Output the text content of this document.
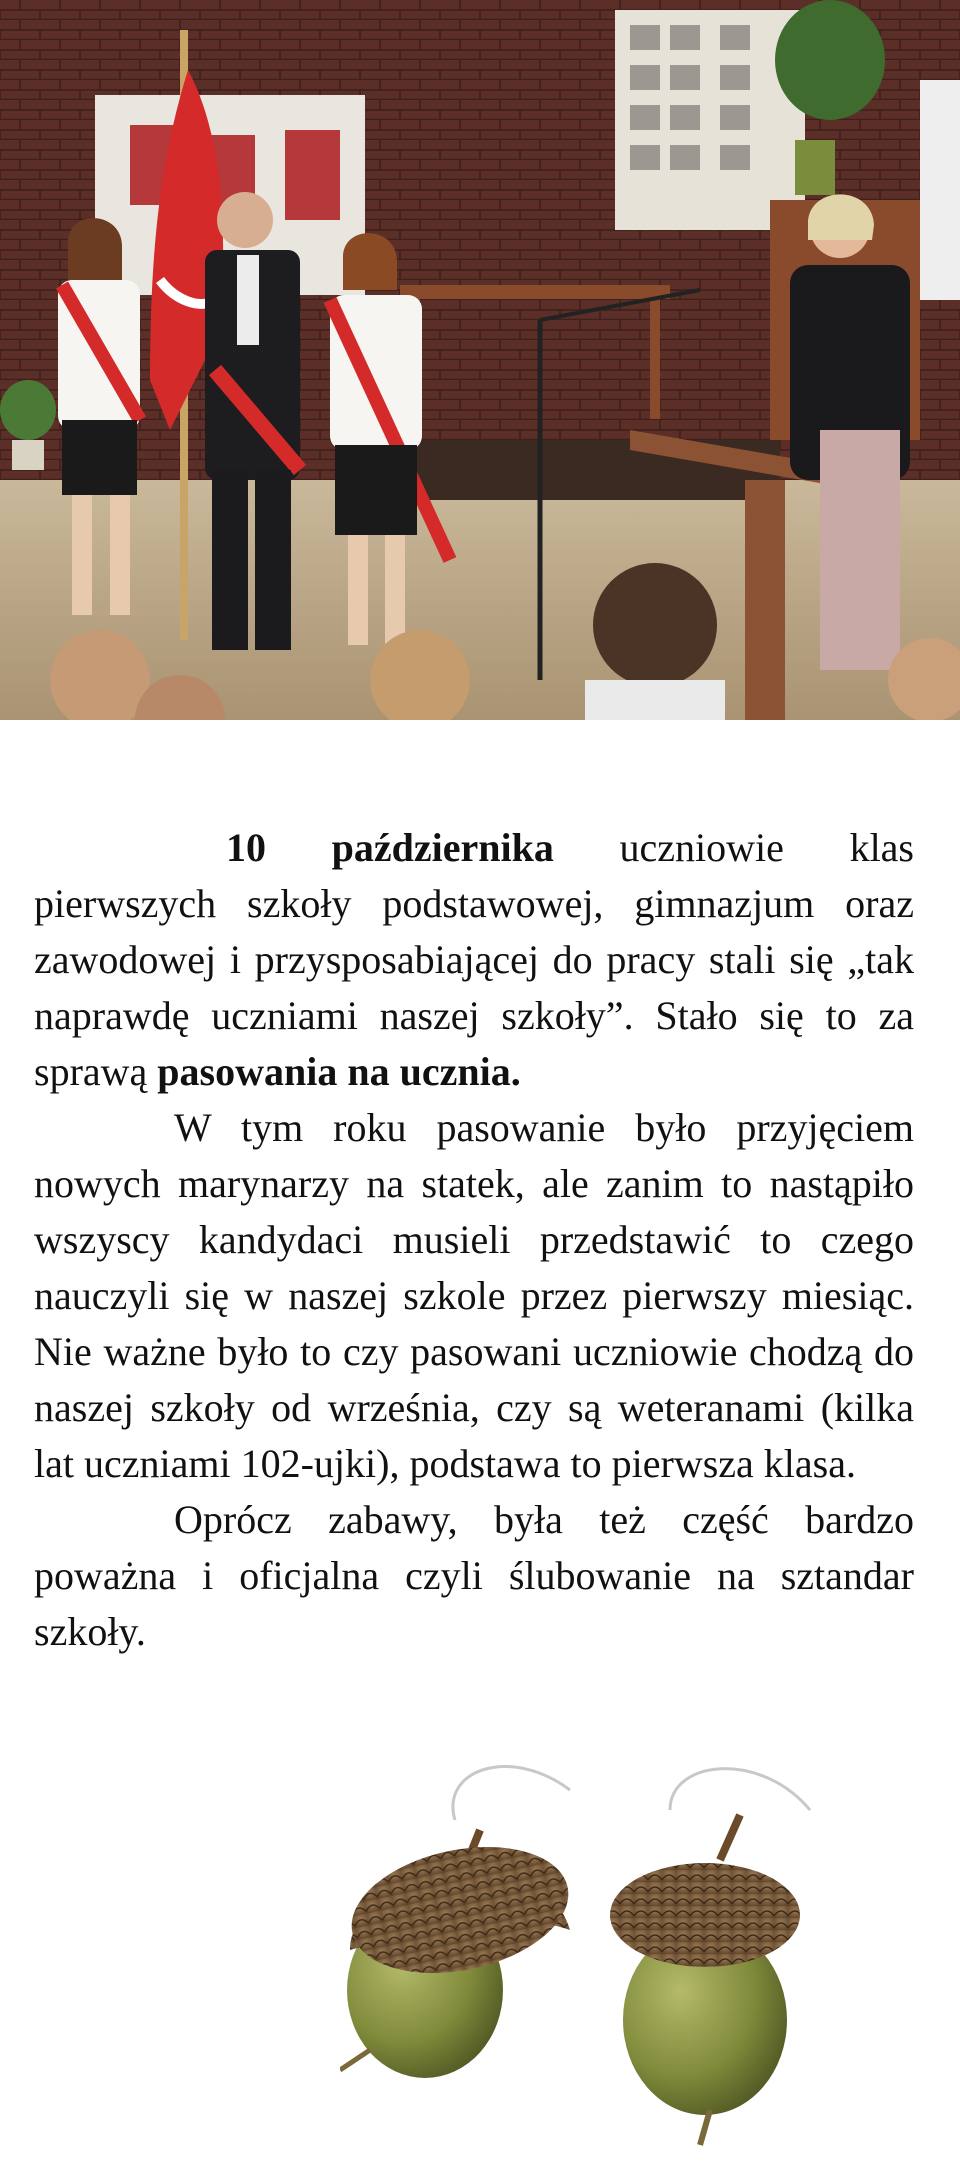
10 października uczniowie klas pierwszych szkoły podstawowej, gimnazjum oraz zawodowej i przysposabiającej do pracy stali się „tak naprawdę uczniami naszej szkoły”. Stało się to za sprawą pasowania na ucznia.

W tym roku pasowanie było przyjęciem nowych marynarzy na statek, ale zanim to nastąpiło wszyscy kandydaci musieli przedstawić to czego nauczyli się w naszej szkole przez pierwszy miesiąc. Nie ważne było to czy pasowani uczniowie chodzą do naszej szkoły od września, czy są weteranami (kilka lat uczniami 102-ujki), podstawa to pierwsza klasa.

Oprócz zabawy, była też część bardzo poważna i oficjalna czyli ślubowanie na sztandar szkoły.
